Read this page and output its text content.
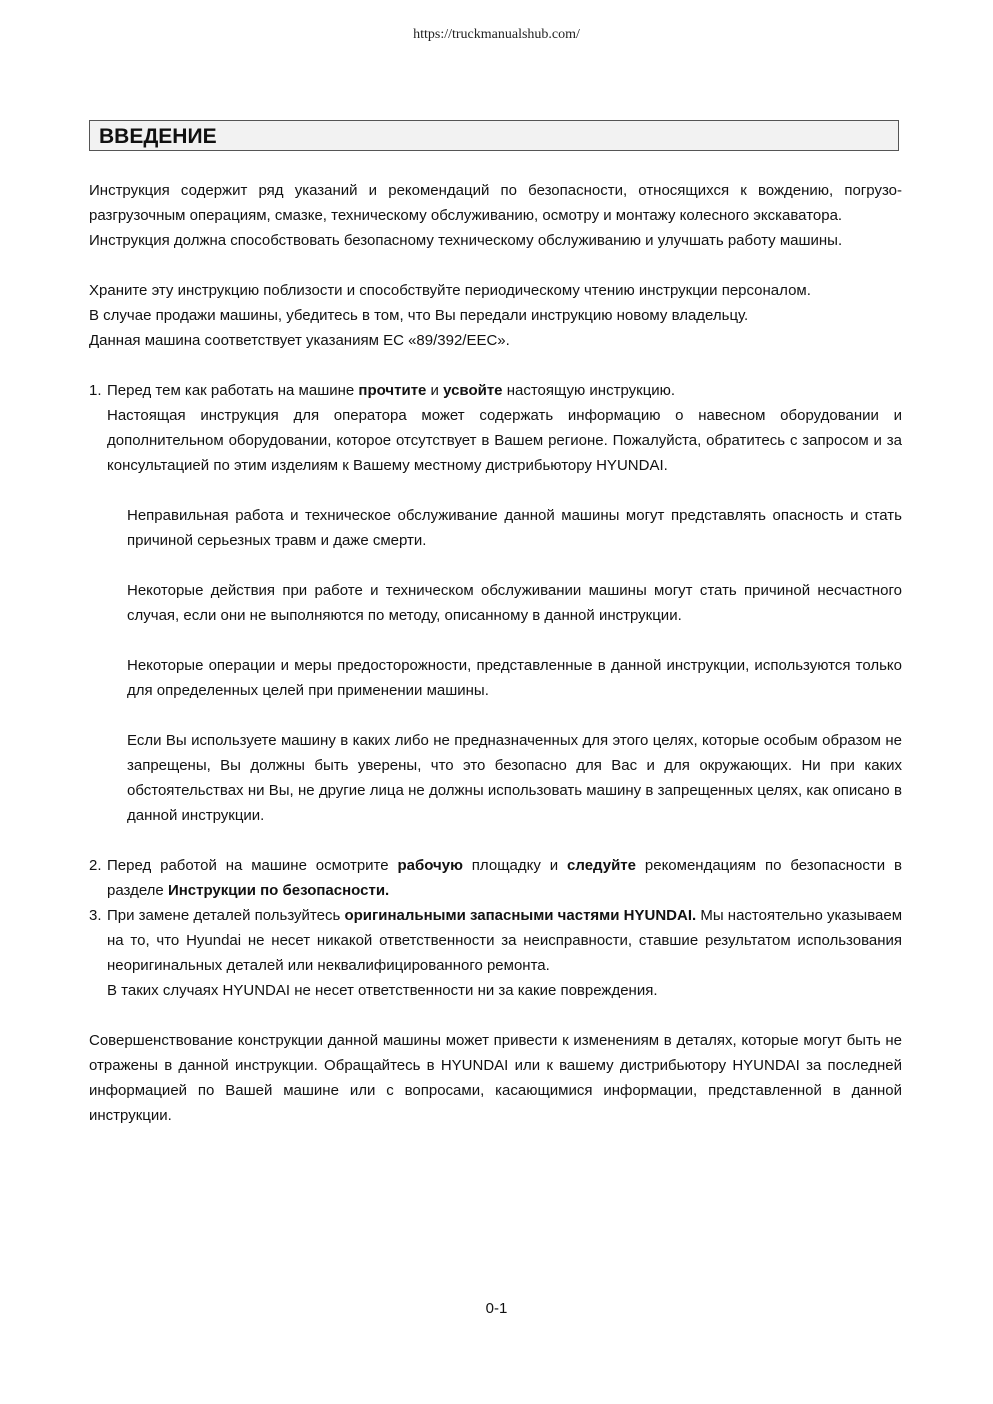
https://truckmanualshub.com/
ВВЕДЕНИЕ

Инструкция содержит ряд указаний и рекомендаций по безопасности, относящихся к вождению, погрузо-разгрузочным операциям, смазке, техническому обслуживанию, осмотру и монтажу колесного экскаватора.

Инструкция должна способствовать безопасному техническому обслуживанию и улучшать работу машины.

Храните эту инструкцию поблизости и способствуйте периодическому чтению инструкции персоналом.

В случае продажи машины, убедитесь в том, что Вы передали инструкцию новому владельцу.

Данная машина соответствует указаниям ЕС «89/392/EEC».

1. Перед тем как работать на машине прочтите и усвойте настоящую инструкцию.

Настоящая инструкция для оператора может содержать информацию о навесном оборудовании и дополнительном оборудовании, которое отсутствует в Вашем регионе. Пожалуйста, обратитесь с запросом и за консультацией по этим изделиям к Вашему местному дистрибьютору HYUNDAI.

Неправильная работа и техническое обслуживание данной машины могут представлять опасность и стать причиной серьезных травм и даже смерти.

Некоторые действия при работе и техническом обслуживании машины могут стать причиной несчастного случая, если они не выполняются по методу, описанному в данной инструкции.

Некоторые операции и меры предосторожности, представленные в данной инструкции, используются только для определенных целей при применении машины.

Если Вы используете машину в каких либо не предназначенных для этого целях, которые особым образом не запрещены, Вы должны быть уверены, что это безопасно для Вас и для окружающих. Ни при каких обстоятельствах ни Вы, не другие лица не должны использовать машину в запрещенных целях, как описано в данной инструкции.

2. Перед работой на машине осмотрите рабочую площадку и следуйте рекомендациям по безопасности в разделе Инструкции по безопасности.

3. При замене деталей пользуйтесь оригинальными запасными частями HYUNDAI. Мы настоятельно указываем на то, что Hyundai не несет никакой ответственности за неисправности, ставшие результатом использования неоригинальных деталей или неквалифицированного ремонта.

В таких случаях HYUNDAI не несет ответственности ни за какие повреждения.

Совершенствование конструкции данной машины может привести к изменениям в деталях, которые могут быть не отражены в данной инструкции. Обращайтесь в HYUNDAI или к вашему дистрибьютору HYUNDAI за последней информацией по Вашей машине или с вопросами, касающимися информации, представленной в данной инструкции.

0-1
